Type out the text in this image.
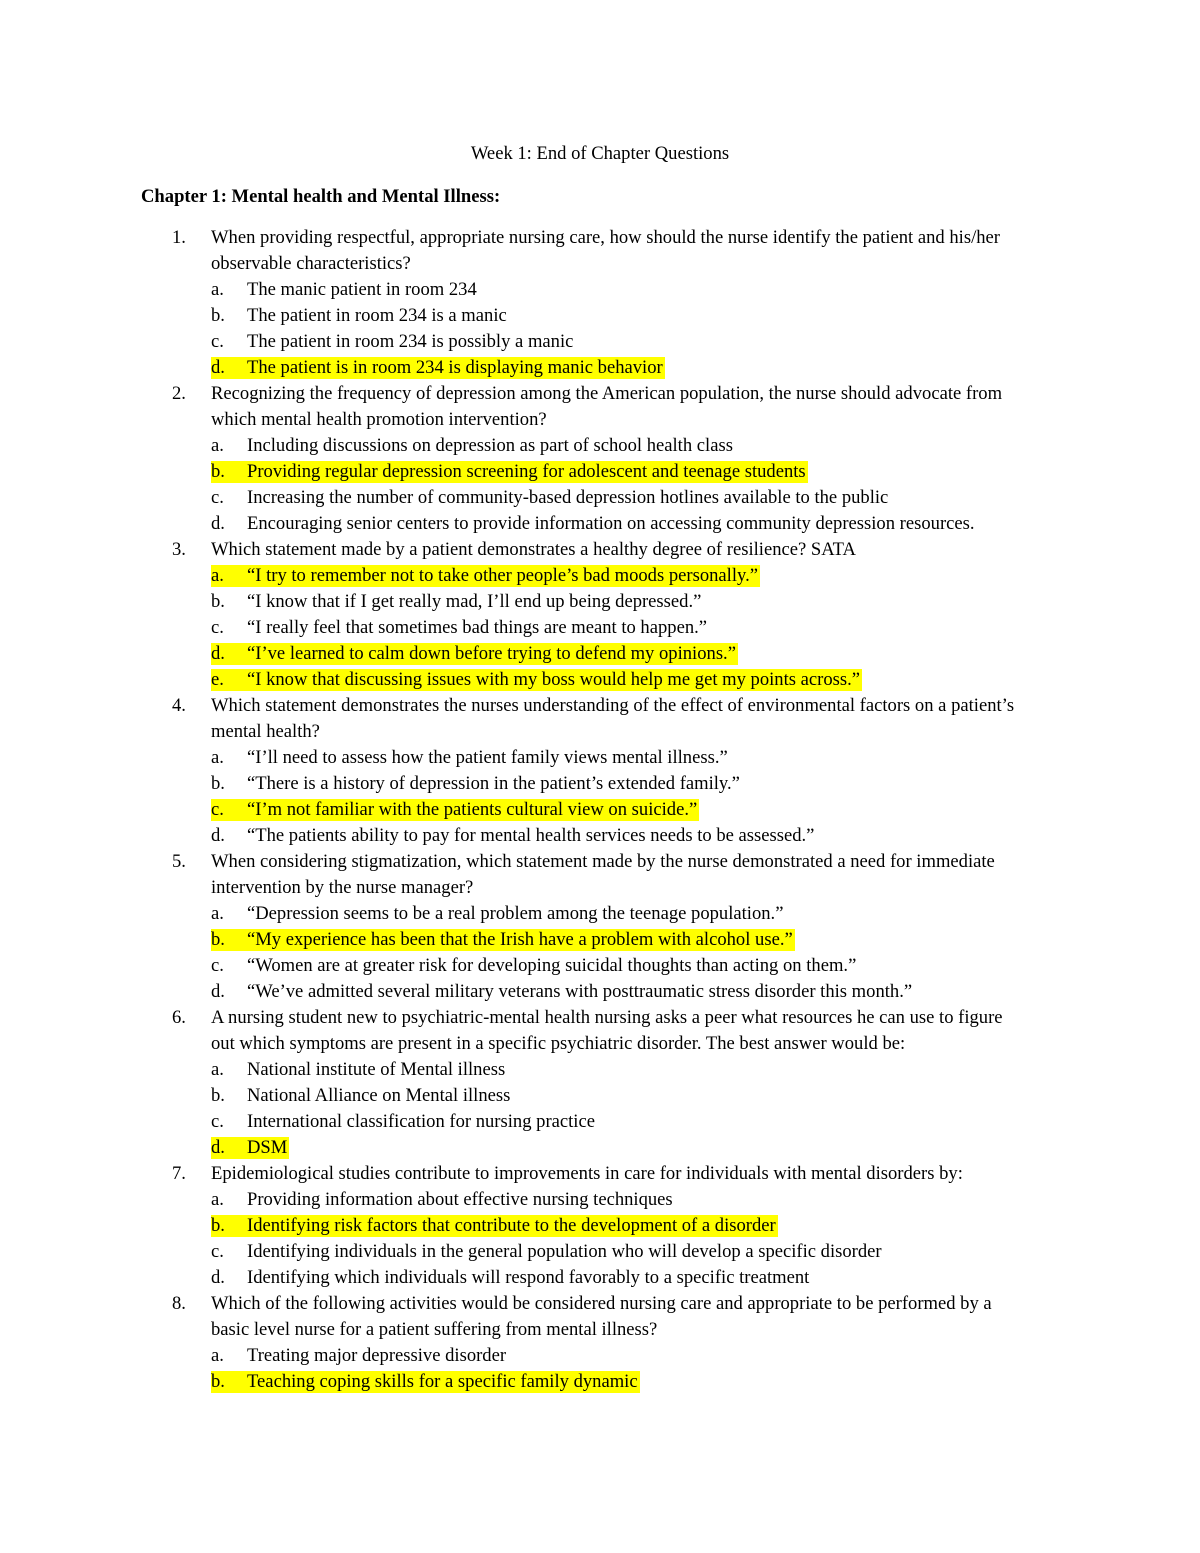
Week 1: End of Chapter Questions
Chapter 1: Mental health and Mental Illness:
1.	When providing respectful, appropriate nursing care, how should the nurse identify the patient and his/her
observable characteristics?
a.	The manic patient in room 234
b.	The patient in room 234 is a manic
c.	The patient in room 234 is possibly a manic
d.	The patient is in room 234 is displaying manic behavior
2.	Recognizing the frequency of depression among the American population, the nurse should advocate from
which mental health promotion intervention?
a.	Including discussions on depression as part of school health class
b.	Providing regular depression screening for adolescent and teenage students
c.	Increasing the number of community-based depression hotlines available to the public
d.	Encouraging senior centers to provide information on accessing community depression resources.
3.	Which statement made by a patient demonstrates a healthy degree of resilience? SATA
a.	“I try to remember not to take other people’s bad moods personally.”
b.	“I know that if I get really mad, I’ll end up being depressed.”
c.	“I really feel that sometimes bad things are meant to happen.”
d.	“I’ve learned to calm down before trying to defend my opinions.”
e.	“I know that discussing issues with my boss would help me get my points across.”
4.	Which statement demonstrates the nurses understanding of the effect of environmental factors on a patient’s
mental health?
a.	“I’ll need to assess how the patient family views mental illness.”
b.	“There is a history of depression in the patient’s extended family.”
c.	“I’m not familiar with the patients cultural view on suicide.”
d.	“The patients ability to pay for mental health services needs to be assessed.”
5.	When considering stigmatization, which statement made by the nurse demonstrated a need for immediate
intervention by the nurse manager?
a.	“Depression seems to be a real problem among the teenage population.”
b.	“My experience has been that the Irish have a problem with alcohol use.”
c.	“Women are at greater risk for developing suicidal thoughts than acting on them.”
d.	“We’ve admitted several military veterans with posttraumatic stress disorder this month.”
6.	A nursing student new to psychiatric-mental health nursing asks a peer what resources he can use to figure
out which symptoms are present in a specific psychiatric disorder. The best answer would be:
a.	National institute of Mental illness
b.	National Alliance on Mental illness
c.	International classification for nursing practice
d.	DSM
7.	Epidemiological studies contribute to improvements in care for individuals with mental disorders by:
a.	Providing information about effective nursing techniques
b.	Identifying risk factors that contribute to the development of a disorder
c.	Identifying individuals in the general population who will develop a specific disorder
d.	Identifying which individuals will respond favorably to a specific treatment
8.	Which of the following activities would be considered nursing care and appropriate to be performed by a
basic level nurse for a patient suffering from mental illness?
a.	Treating major depressive disorder
b.	Teaching coping skills for a specific family dynamic
